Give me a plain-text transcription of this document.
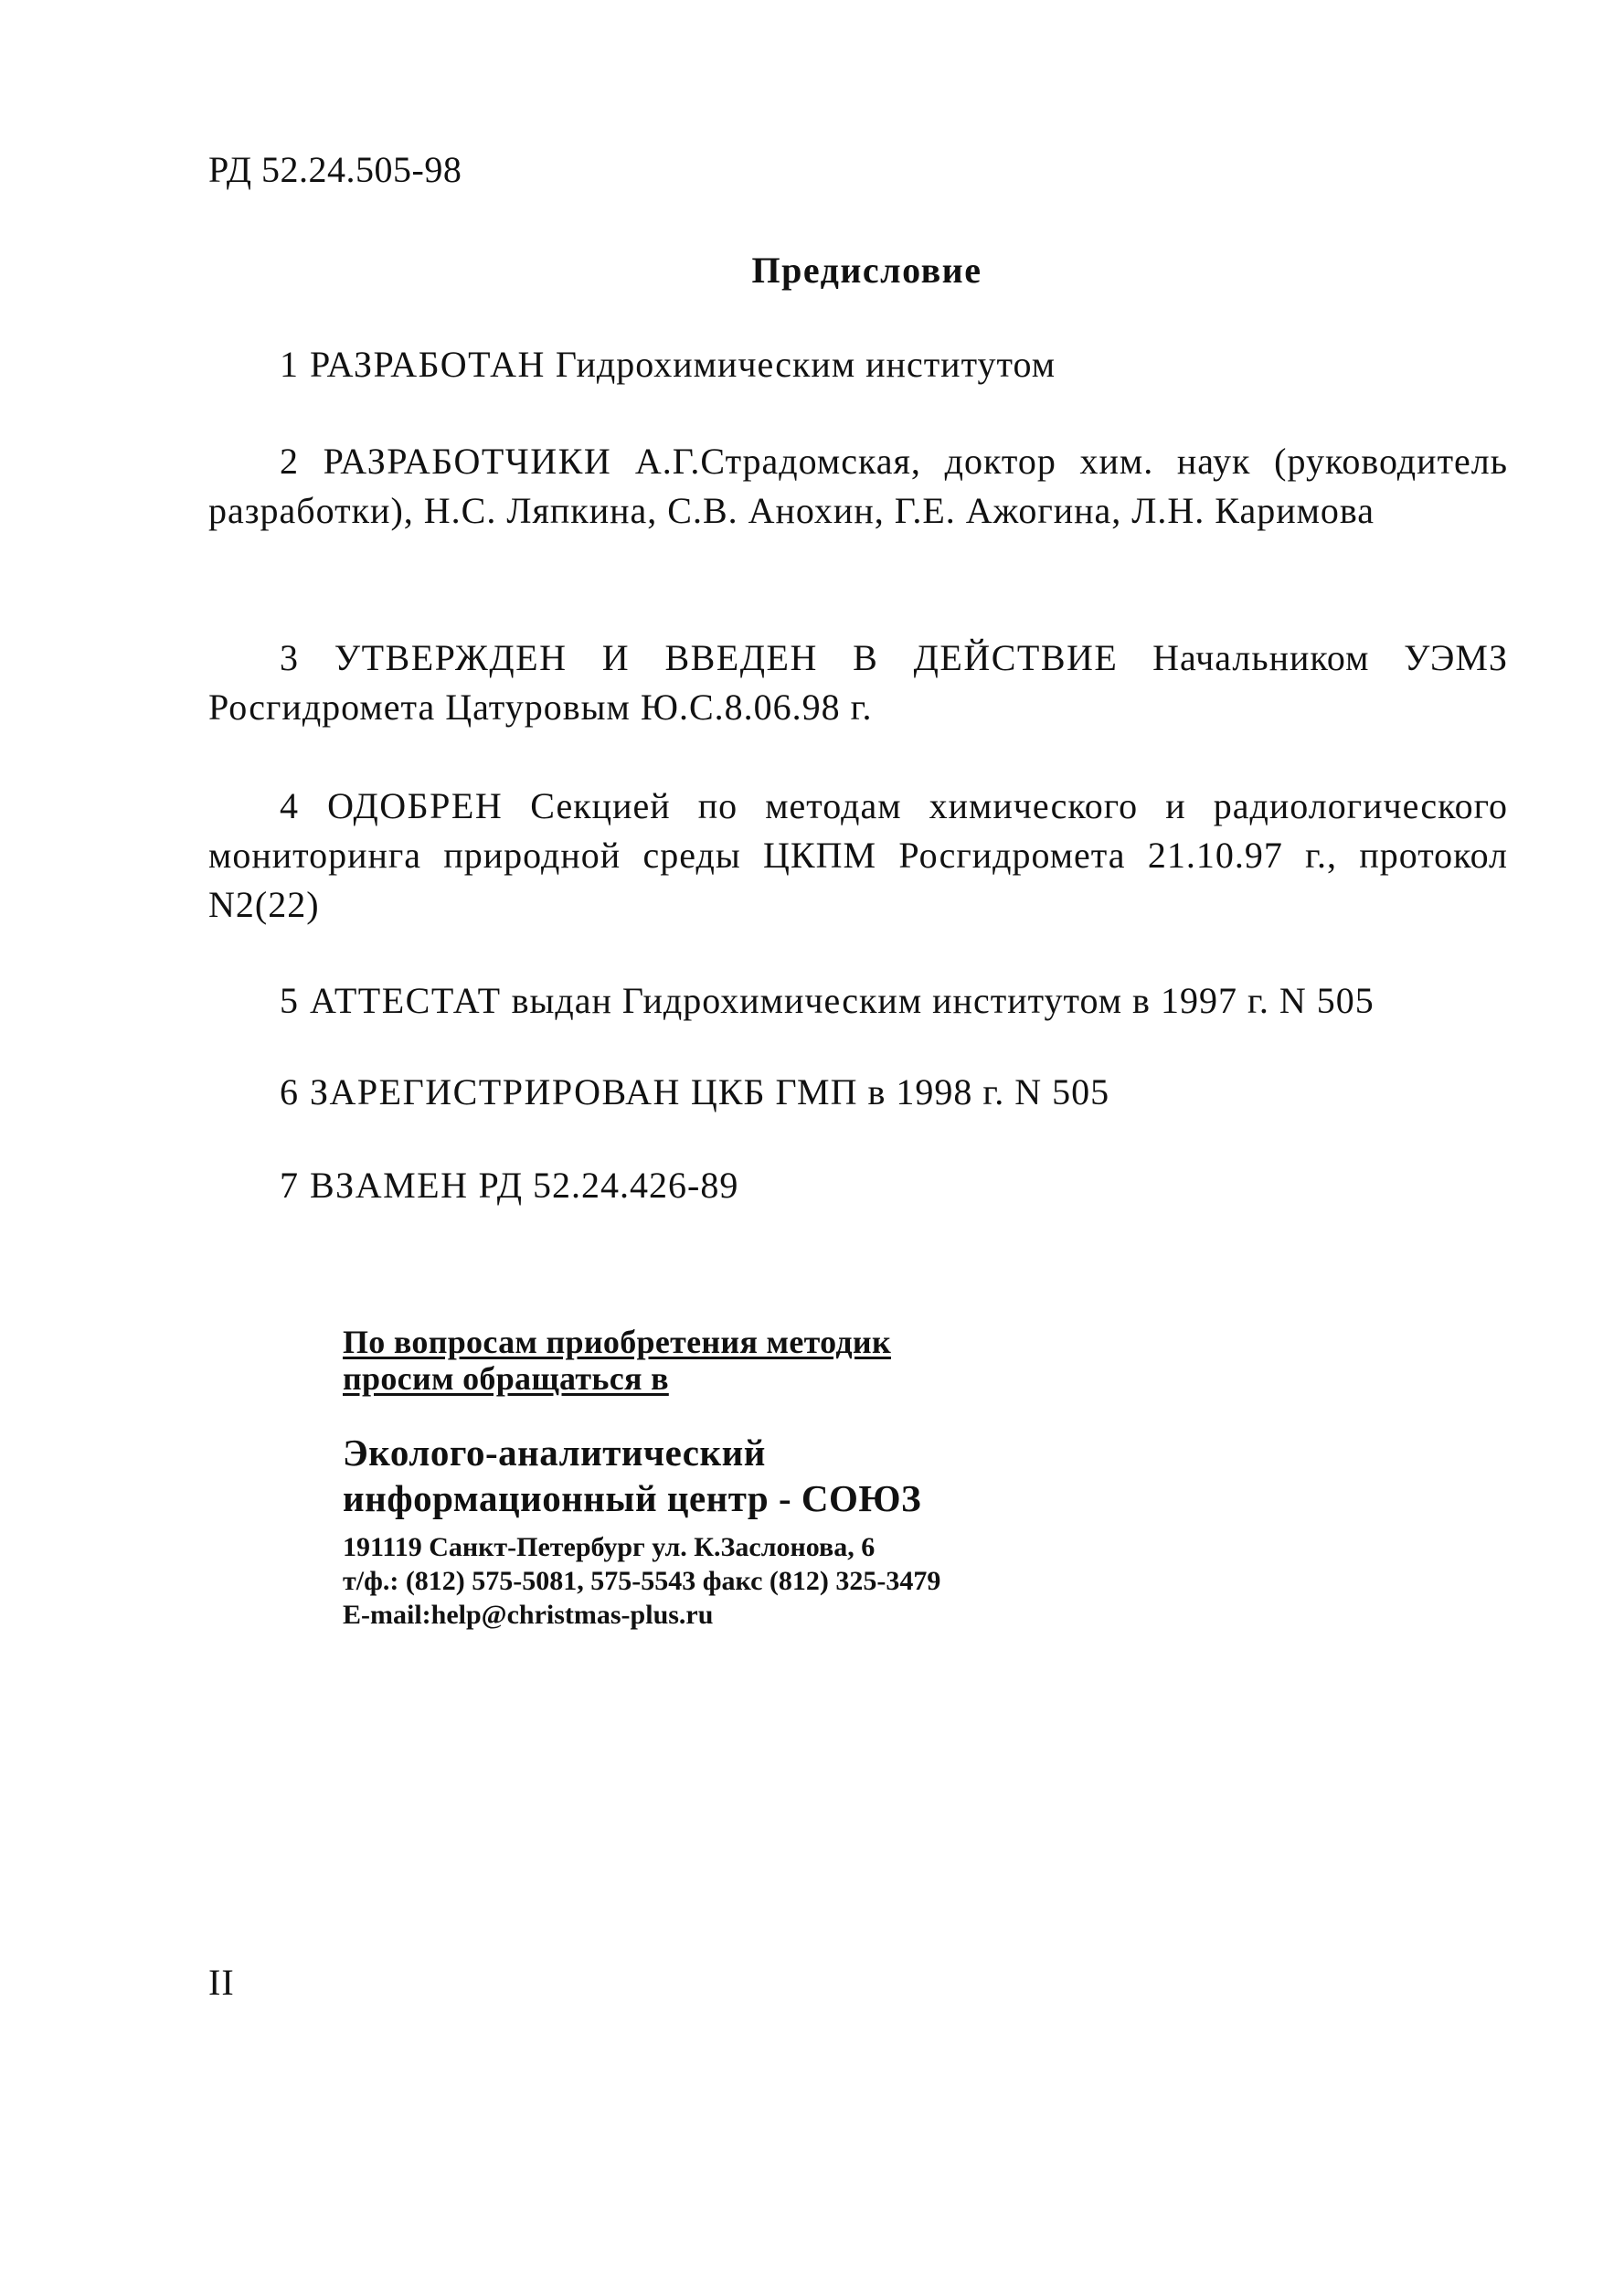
РД 52.24.505-98
Предисловие
1 РАЗРАБОТАН Гидрохимическим институтом
2 РАЗРАБОТЧИКИ А.Г.Страдомская, доктор хим. наук (руководитель разработки), Н.С. Ляпкина, С.В. Анохин, Г.Е. Ажогина, Л.Н. Каримова
3 УТВЕРЖДЕН И ВВЕДЕН В ДЕЙСТВИЕ Начальником УЭМЗ Росгидромета Цатуровым Ю.С.8.06.98 г.
4 ОДОБРЕН Секцией по методам химического и радиологического мониторинга природной среды ЦКПМ Росгидромета 21.10.97 г., протокол N2(22)
5 АТТЕСТАТ выдан Гидрохимическим институтом в 1997 г. N 505
6 ЗАРЕГИСТРИРОВАН ЦКБ ГМП в 1998 г. N 505
7 ВЗАМЕН РД 52.24.426-89
По вопросам приобретения методик
просим обращаться в
Эколого-аналитический
информационный центр - СОЮЗ
191119 Санкт-Петербург ул. К.Заслонова, 6
т/ф.: (812) 575-5081, 575-5543 факс (812) 325-3479
E-mail:help@christmas-plus.ru
II
